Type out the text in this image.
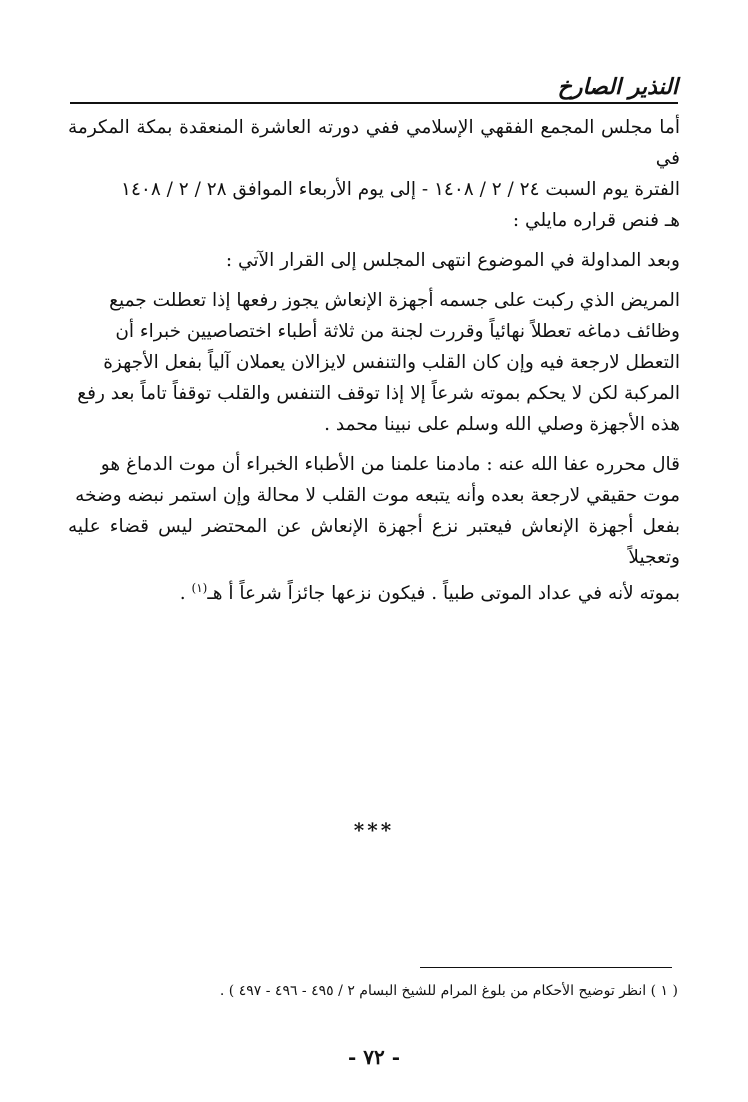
النذير الصارخ

أما مجلس المجمع الفقهي الإسلامي ففي دورته العاشرة المنعقدة بمكة المكرمة في
الفترة يوم السبت ٢٤ / ٢ / ١٤٠٨ - إلى يوم الأربعاء الموافق ٢٨ / ٢ / ١٤٠٨
هـ فنص قراره مايلي :

وبعد المداولة في الموضوع انتهى المجلس إلى القرار الآتي :

المريض الذي ركبت على جسمه أجهزة الإنعاش يجوز رفعها إذا تعطلت جميع
وظائف دماغه تعطلاً نهائياً وقررت لجنة من ثلاثة أطباء اختصاصيين خبراء أن
التعطل لارجعة فيه وإن كان القلب والتنفس لايزالان يعملان آلياً بفعل الأجهزة
المركبة لكن لا يحكم بموته شرعاً إلا إذا توقف التنفس والقلب توقفاً تاماً بعد رفع
هذه الأجهزة وصلي الله وسلم على نبينا محمد .

قال محرره عفا الله عنه : مادمنا علمنا من الأطباء الخبراء أن موت الدماغ هو
موت حقيقي لارجعة بعده وأنه يتبعه موت القلب لا محالة وإن استمر نبضه وضخه
بفعل أجهزة الإنعاش فيعتبر نزع أجهزة الإنعاش عن المحتضر ليس قضاء عليه وتعجيلاً
بموته لأنه في عداد الموتى طبياً . فيكون نزعها جائزاً شرعاً أ هـ$^{(١)}$ .

***
( ١ ) انظر توضيح الأحكام من بلوغ المرام للشيخ البسام ٢ / ٤٩٥ - ٤٩٦ - ٤٩٧ ) .
- ٧٢ -
